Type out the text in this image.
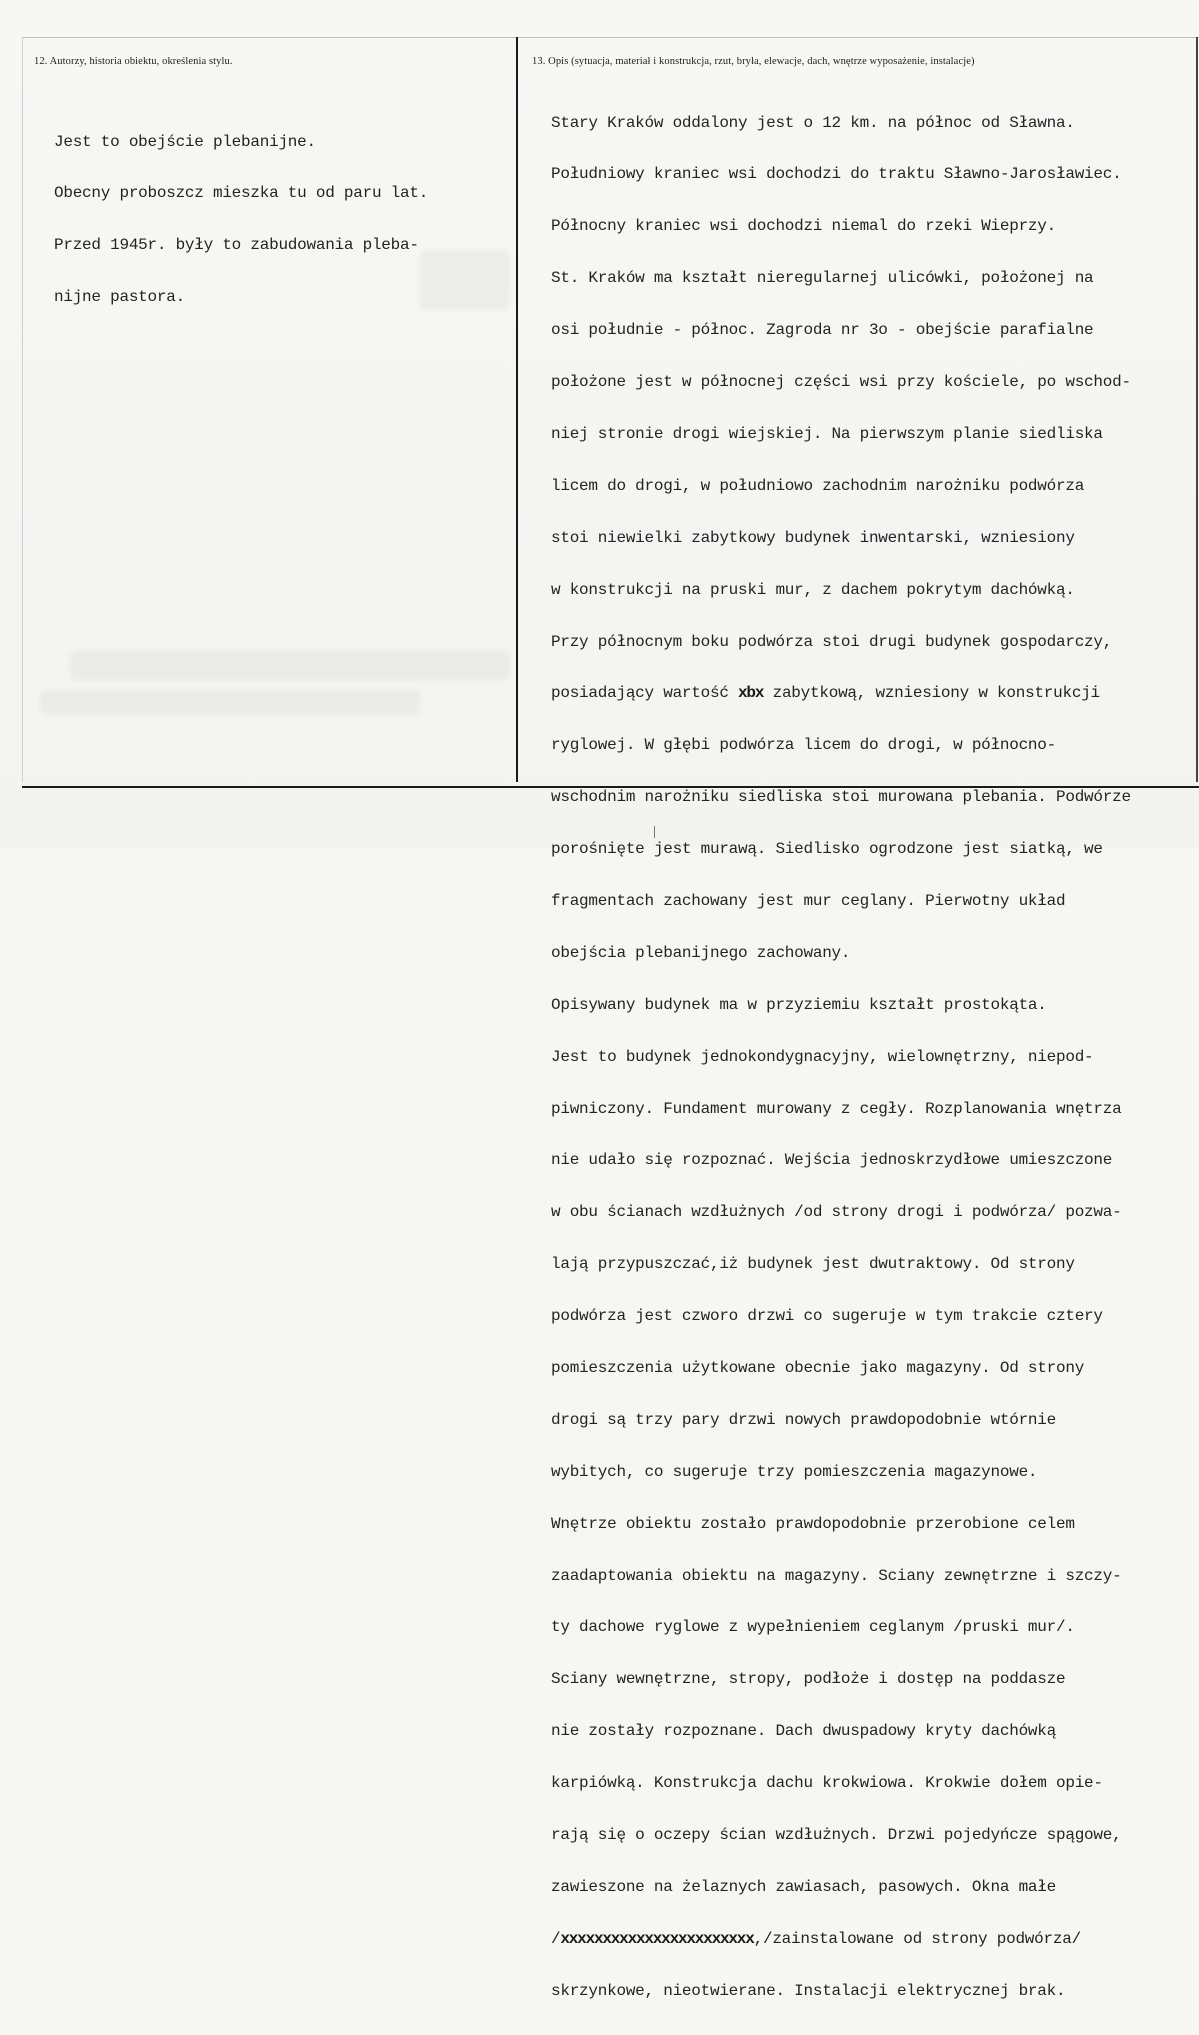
12. Autorzy, historia obiektu, określenia stylu.	13. Opis (sytuacja, materiał i konstrukcja, rzut, bryła, elewacje, dach, wnętrze wyposażenie, instalacje)

Jest to obejście plebanijne.

Obecny proboszcz mieszka tu od paru lat.

Przed 1945r. były to zabudowania pleba-

nijne pastora.

Stary Kraków oddalony jest o 12 km. na północ od Sławna.

Południowy kraniec wsi dochodzi do traktu Sławno-Jarosławiec.

Północny kraniec wsi dochodzi niemal do rzeki Wieprzy.

St. Kraków ma kształt nieregularnej ulicówki, położonej na

osi południe - północ. Zagroda nr 3o - obejście parafialne

położone jest w północnej części wsi przy kościele, po wschod-

niej stronie drogi wiejskiej. Na pierwszym planie siedliska

licem do drogi, w południowo zachodnim narożniku podwórza

stoi niewielki zabytkowy budynek inwentarski, wzniesiony

w konstrukcji na pruski mur, z dachem pokrytym dachówką.

Przy północnym boku podwórza stoi drugi budynek gospodarczy,

posiadający wartość xbx zabytkową, wzniesiony w konstrukcji

ryglowej. W głębi podwórza licem do drogi, w północno-

wschodnim narożniku siedliska stoi murowana plebania. Podwórze

porośnięte jest murawą. Siedlisko ogrodzone jest siatką, we

fragmentach zachowany jest mur ceglany. Pierwotny układ

obejścia plebanijnego zachowany.

Opisywany budynek ma w przyziemiu kształt prostokąta.

Jest to budynek jednokondygnacyjny, wielownętrzny, niepod-

piwniczony. Fundament murowany z cegły. Rozplanowania wnętrza

nie udało się rozpoznać. Wejścia jednoskrzydłowe umieszczone

w obu ścianach wzdłużnych /od strony drogi i podwórza/ pozwa-

lają przypuszczać,iż budynek jest dwutraktowy. Od strony

podwórza jest czworo drzwi co sugeruje w tym trakcie cztery

pomieszczenia użytkowane obecnie jako magazyny. Od strony

drogi są trzy pary drzwi nowych prawdopodobnie wtórnie

wybitych, co sugeruje trzy pomieszczenia magazynowe.

Wnętrze obiektu zostało prawdopodobnie przerobione celem

zaadaptowania obiektu na magazyny. Sciany zewnętrzne i szczy-

ty dachowe ryglowe z wypełnieniem ceglanym /pruski mur/.

Sciany wewnętrzne, stropy, podłoże i dostęp na poddasze

nie zostały rozpoznane. Dach dwuspadowy kryty dachówką

karpiówką. Konstrukcja dachu krokwiowa. Krokwie dołem opie-

rają się o oczepy ścian wzdłużnych. Drzwi pojedyńcze spągowe,

zawieszone na żelaznych zawiasach, pasowych. Okna małe

/xxxxxxxxxxxxxxxxxxxxxxx,/zainstalowane od strony podwórza/

skrzynkowe, nieotwierane. Instalacji elektrycznej brak.
